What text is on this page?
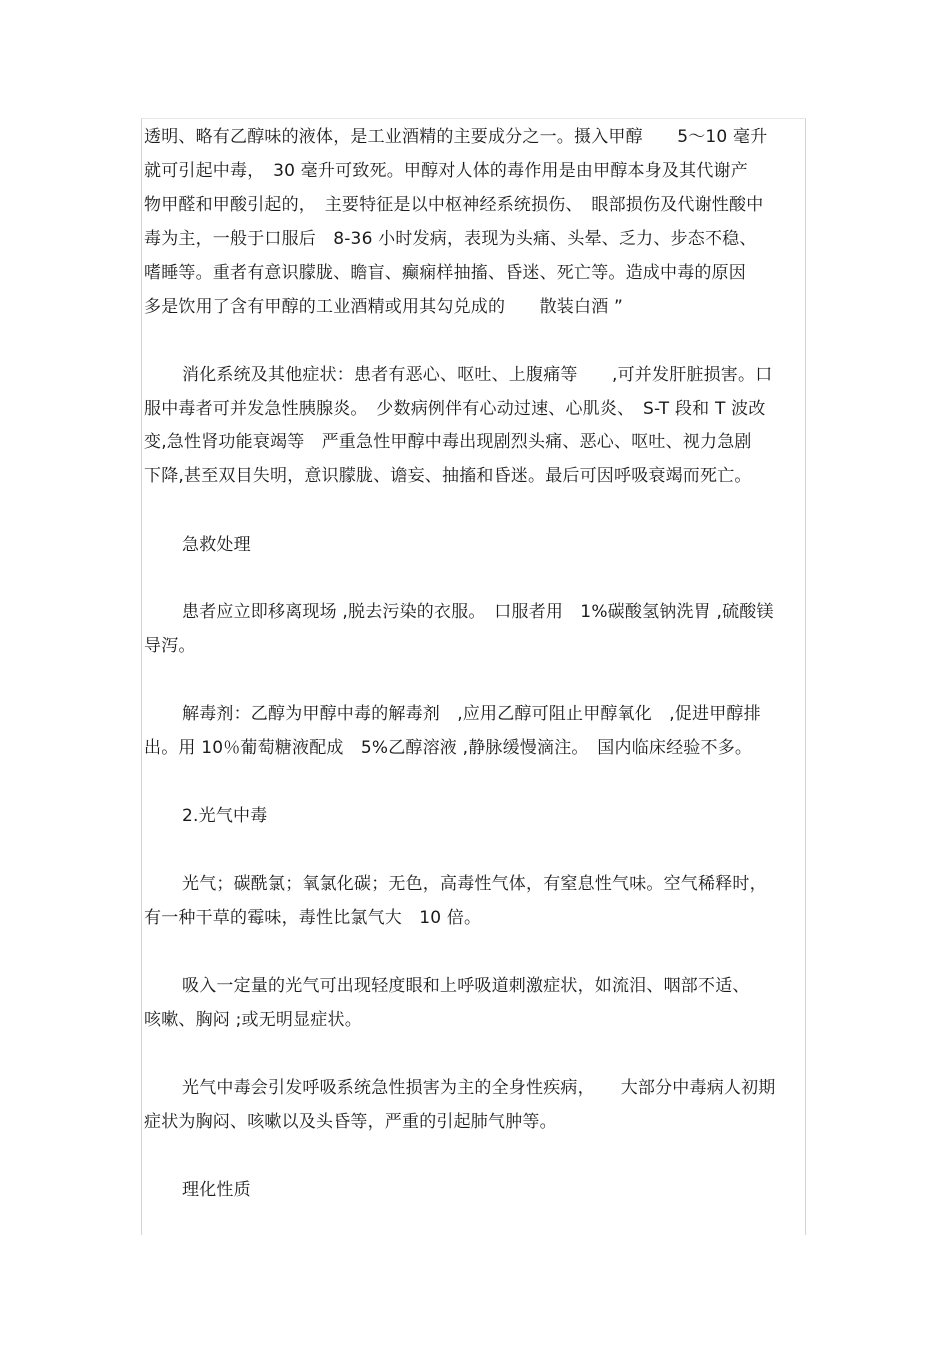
透明、略有乙醇味的液体，是工业酒精的主要成分之一。摄入甲醇　　5～10 毫升
就可引起中毒，　30 毫升可致死。甲醇对人体的毒作用是由甲醇本身及其代谢产
物甲醛和甲酸引起的，　主要特征是以中枢神经系统损伤、　眼部损伤及代谢性酸中
毒为主，一般于口服后　8-36 小时发病，表现为头痛、头晕、乏力、步态不稳、
嗜睡等。重者有意识朦胧、瞻盲、癫痫样抽搐、昏迷、死亡等。造成中毒的原因
多是饮用了含有甲醇的工业酒精或用其勾兑成的　　散装白酒 ”
消化系统及其他症状：患者有恶心、呕吐、上腹痛等　　,可并发肝脏损害。口
服中毒者可并发急性胰腺炎。　少数病例伴有心动过速、心肌炎、　S-T 段和 T 波改
变,急性肾功能衰竭等　严重急性甲醇中毒出现剧烈头痛、恶心、呕吐、视力急剧
下降,甚至双目失明，意识朦胧、谵妄、抽搐和昏迷。最后可因呼吸衰竭而死亡。
急救处理
患者应立即移离现场 ,脱去污染的衣服。　口服者用　1%碳酸氢钠洗胃 ,硫酸镁
导泻。
解毒剂：乙醇为甲醇中毒的解毒剂　,应用乙醇可阻止甲醇氧化　,促进甲醇排
出。用 10％葡萄糖液配成　5%乙醇溶液 ,静脉缓慢滴注。　国内临床经验不多。
2.光气中毒
光气；碳酰氯；氧氯化碳；无色，高毒性气体，有窒息性气味。空气稀释时，
有一种干草的霉味，毒性比氯气大　10 倍。
吸入一定量的光气可出现轻度眼和上呼吸道刺激症状，如流泪、咽部不适、
咳嗽、胸闷 ;或无明显症状。
光气中毒会引发呼吸系统急性损害为主的全身性疾病，　　大部分中毒病人初期
症状为胸闷、咳嗽以及头昏等，严重的引起肺气肿等。
理化性质
